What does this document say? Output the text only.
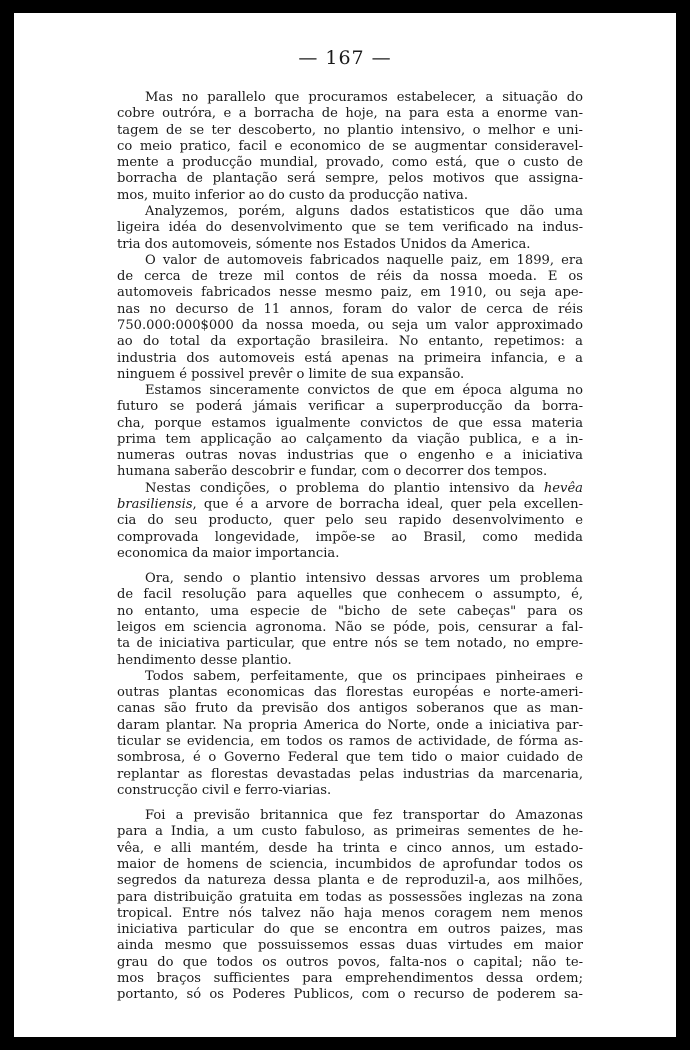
— 167 —
Mas no parallelo que procuramos estabelecer, a situação do
cobre outróra, e a borracha de hoje, na para esta a enorme van-
tagem de se ter descoberto, no plantio intensivo, o melhor e uni-
co meio pratico, facil e economico de se augmentar consideravel-
mente a producção mundial, provado, como está, que o custo de
borracha de plantação será sempre, pelos motivos que assigna-
mos, muito inferior ao do custo da producção nativa.
Analyzemos, porém, alguns dados estatisticos que dão uma
ligeira idéa do desenvolvimento que se tem verificado na indus-
tria dos automoveis, sómente nos Estados Unidos da America.
O valor de automoveis fabricados naquelle paiz, em 1899, era
de cerca de treze mil contos de réis da nossa moeda. E os
automoveis fabricados nesse mesmo paiz, em 1910, ou seja ape-
nas no decurso de 11 annos, foram do valor de cerca de réis
750.000:000$000 da nossa moeda, ou seja um valor approximado
ao do total da exportação brasileira. No entanto, repetimos: a
industria dos automoveis está apenas na primeira infancia, e a
ninguem é possivel prevêr o limite de sua expansão.
Estamos sinceramente convictos de que em época alguma no
futuro se poderá jámais verificar a superproducção da borra-
cha, porque estamos igualmente convictos de que essa materia
prima tem applicação ao calçamento da viação publica, e a in-
numeras outras novas industrias que o engenho e a iniciativa
humana saberão descobrir e fundar, com o decorrer dos tempos.
Nestas condições, o problema do plantio intensivo da hevêa
brasiliensis, que é a arvore de borracha ideal, quer pela excellen-
cia do seu producto, quer pelo seu rapido desenvolvimento e
comprovada longevidade, impõe-se ao Brasil, como medida
economica da maior importancia.
Ora, sendo o plantio intensivo dessas arvores um problema
de facil resolução para aquelles que conhecem o assumpto, é,
no entanto, uma especie de "bicho de sete cabeças" para os
leigos em sciencia agronoma. Não se póde, pois, censurar a fal-
ta de iniciativa particular, que entre nós se tem notado, no empre-
hendimento desse plantio.
Todos sabem, perfeitamente, que os principaes pinheiraes e
outras plantas economicas das florestas européas e norte-ameri-
canas são fruto da previsão dos antigos soberanos que as man-
daram plantar. Na propria America do Norte, onde a iniciativa par-
ticular se evidencia, em todos os ramos de actividade, de fórma as-
sombrosa, é o Governo Federal que tem tido o maior cuidado de
replantar as florestas devastadas pelas industrias da marcenaria,
construcção civil e ferro-viarias.
Foi a previsão britannica que fez transportar do Amazonas
para a India, a um custo fabuloso, as primeiras sementes de he-
vêa, e alli mantém, desde ha trinta e cinco annos, um estado-
maior de homens de sciencia, incumbidos de aprofundar todos os
segredos da natureza dessa planta e de reproduzil-a, aos milhões,
para distribuição gratuita em todas as possessões inglezas na zona
tropical. Entre nós talvez não haja menos coragem nem menos
iniciativa particular do que se encontra em outros paizes, mas
ainda mesmo que possuissemos essas duas virtudes em maior
grau do que todos os outros povos, falta-nos o capital; não te-
mos braços sufficientes para emprehendimentos dessa ordem;
portanto, só os Poderes Publicos, com o recurso de poderem sa-
